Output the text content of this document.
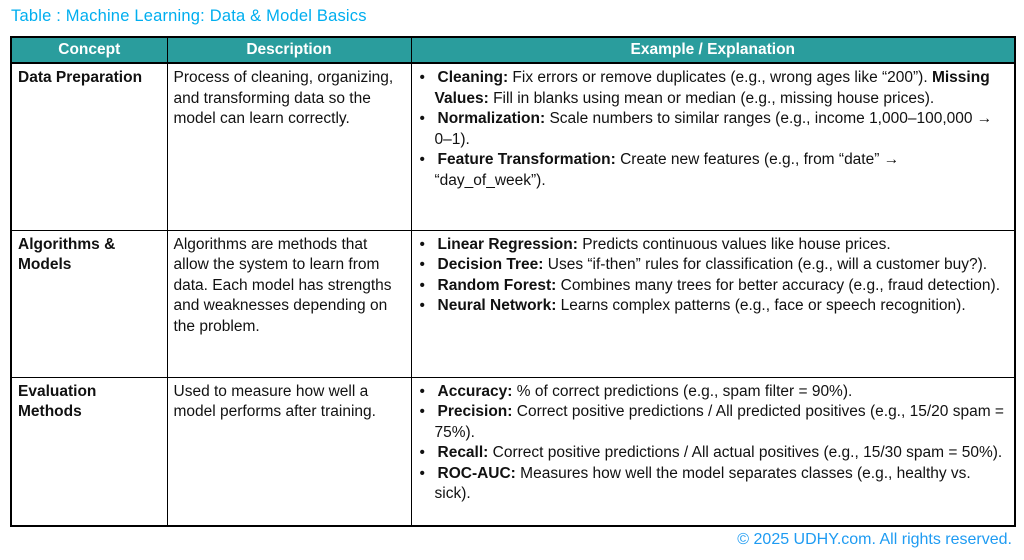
Table : Machine Learning: Data & Model Basics
Concept	Description	Example / Explanation
Data Preparation	Process of cleaning, organizing, and transforming data so the model can learn correctly.	
• Cleaning: Fix errors or remove duplicates (e.g., wrong ages like “200”). Missing Values: Fill in blanks using mean or median (e.g., missing house prices).
• Normalization: Scale numbers to similar ranges (e.g., income 1,000–100,000 → 0–1).
• Feature Transformation: Create new features (e.g., from “date” → “day_of_week”).

Algorithms & Models	Algorithms are methods that allow the system to learn from data. Each model has strengths and weaknesses depending on the problem.	
• Linear Regression: Predicts continuous values like house prices.
• Decision Tree: Uses “if-then” rules for classification (e.g., will a customer buy?).
• Random Forest: Combines many trees for better accuracy (e.g., fraud detection).
• Neural Network: Learns complex patterns (e.g., face or speech recognition).

Evaluation Methods	Used to measure how well a model performs after training.	
• Accuracy: % of correct predictions (e.g., spam filter = 90%).
• Precision: Correct positive predictions / All predicted positives (e.g., 15/20 spam = 75%).
• Recall: Correct positive predictions / All actual positives (e.g., 15/30 spam = 50%).
• ROC-AUC: Measures how well the model separates classes (e.g., healthy vs. sick).
© 2025 UDHY.com. All rights reserved.
